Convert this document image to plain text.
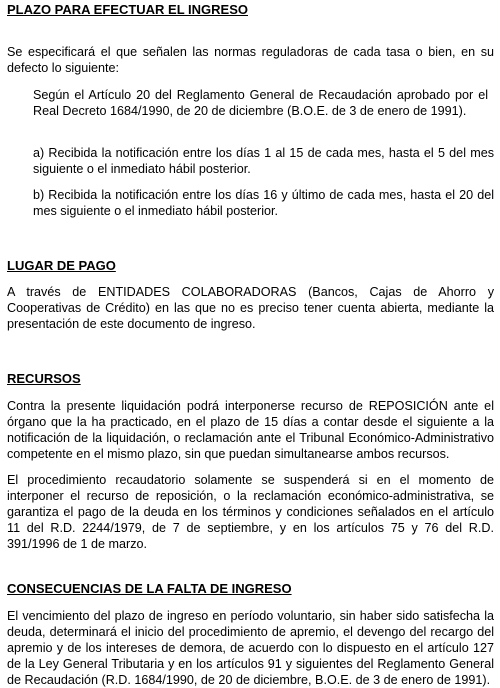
PLAZO PARA EFECTUAR EL INGRESO

Se especificará el que señalen las normas reguladoras de cada tasa o bien, en su defecto lo siguiente:

Según el Artículo 20 del Reglamento General de Recaudación aprobado por el Real Decreto 1684/1990, de 20 de diciembre (B.O.E. de 3 de enero de 1991).

a) Recibida la notificación entre los días 1 al 15 de cada mes, hasta el 5 del mes siguiente o el inmediato hábil posterior.

b) Recibida la notificación entre los días 16 y último de cada mes, hasta el 20 del mes siguiente o el inmediato hábil posterior.

LUGAR DE PAGO

A través de ENTIDADES COLABORADORAS (Bancos, Cajas de Ahorro y Cooperativas de Crédito) en las que no es preciso tener cuenta abierta, mediante la presentación de este documento de ingreso.

RECURSOS

Contra la presente liquidación podrá interponerse recurso de REPOSICIÓN ante el órgano que la ha practicado, en el plazo de 15 días a contar desde el siguiente a la notificación de la liquidación, o reclamación ante el Tribunal Económico-Administrativo competente en el mismo plazo, sin que puedan simultanearse ambos recursos.

El procedimiento recaudatorio solamente se suspenderá si en el momento de interponer el recurso de reposición, o la reclamación económico-administrativa, se garantiza el pago de la deuda en los términos y condiciones señalados en el artículo 11 del R.D. 2244/1979, de 7 de septiembre, y en los artículos 75 y 76 del R.D. 391/1996 de 1 de marzo.

CONSECUENCIAS DE LA FALTA DE INGRESO

El vencimiento del plazo de ingreso en período voluntario, sin haber sido satisfecha la deuda, determinará el inicio del procedimiento de apremio, el devengo del recargo del apremio y de los intereses de demora, de acuerdo con lo dispuesto en el artículo 127 de la Ley General Tributaria y en los artículos 91 y siguientes del Reglamento General de Recaudación (R.D. 1684/1990, de 20 de diciembre, B.O.E. de 3 de enero de 1991).
